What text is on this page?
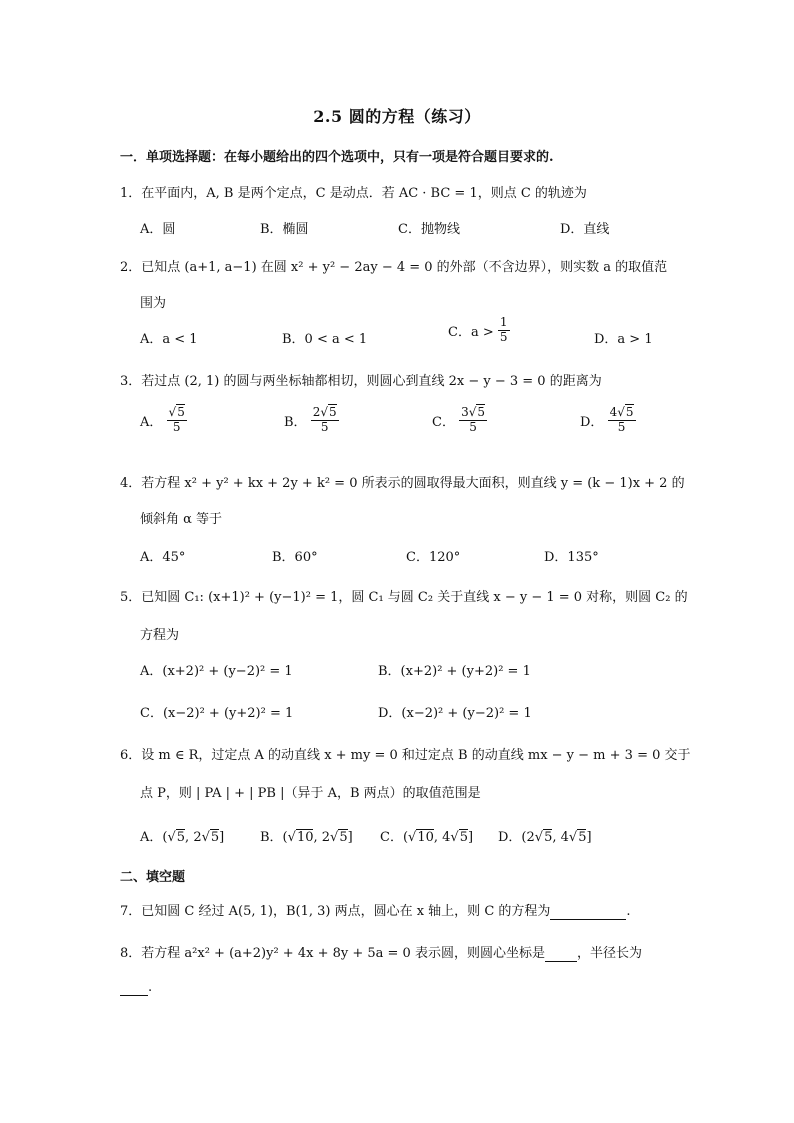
2.5 圆的方程（练习）
一．单项选择题：在每小题给出的四个选项中，只有一项是符合题目要求的.
1．在平面内，A, B 是两个定点，C 是动点．若 AC · BC = 1，则点 C 的轨迹为
A．圆	B．椭圆	C．抛物线	D．直线
2．已知点 (a+1, a−1) 在圆 x² + y² − 2ay − 4 = 0 的外部（不含边界），则实数 a 的取值范
围为
A．a < 1	B．0 < a < 1	C．$a > \frac{1}{5}$	D．a > 1
3．若过点 (2, 1) 的圆与两坐标轴都相切，则圆心到直线 2x − y − 3 = 0 的距离为
A． $\frac{√5}{5}$	B． $\frac{2√5}{5}$	C． $\frac{3√5}{5}$	D． $\frac{4√5}{5}$
4．若方程 x² + y² + kx + 2y + k² = 0 所表示的圆取得最大面积，则直线 y = (k − 1)x + 2 的
倾斜角 α 等于
A．45°	B．60°	C．120°	D．135°
5．已知圆 C₁: (x+1)² + (y−1)² = 1，圆 C₁ 与圆 C₂ 关于直线 x − y − 1 = 0 对称，则圆 C₂ 的
方程为
A．(x+2)² + (y−2)² = 1	B．(x+2)² + (y+2)² = 1
C．(x−2)² + (y+2)² = 1	D．(x−2)² + (y−2)² = 1
6．设 m ∈ R，过定点 A 的动直线 x + my = 0 和过定点 B 的动直线 mx − y − m + 3 = 0 交于
点 P，则 | PA | + | PB |（异于 A，B 两点）的取值范围是
A．(√5, 2√5]	B．(√10, 2√5] C．(√10, 4√5] D．(2√5, 4√5]
二、填空题
7．已知圆 C 经过 A(5, 1)，B(1, 3) 两点，圆心在 x 轴上，则 C 的方程为	.
8．若方程 a²x² + (a+2)y² + 4x + 8y + 5a = 0 表示圆，则圆心坐标是 ，半径长为
.
